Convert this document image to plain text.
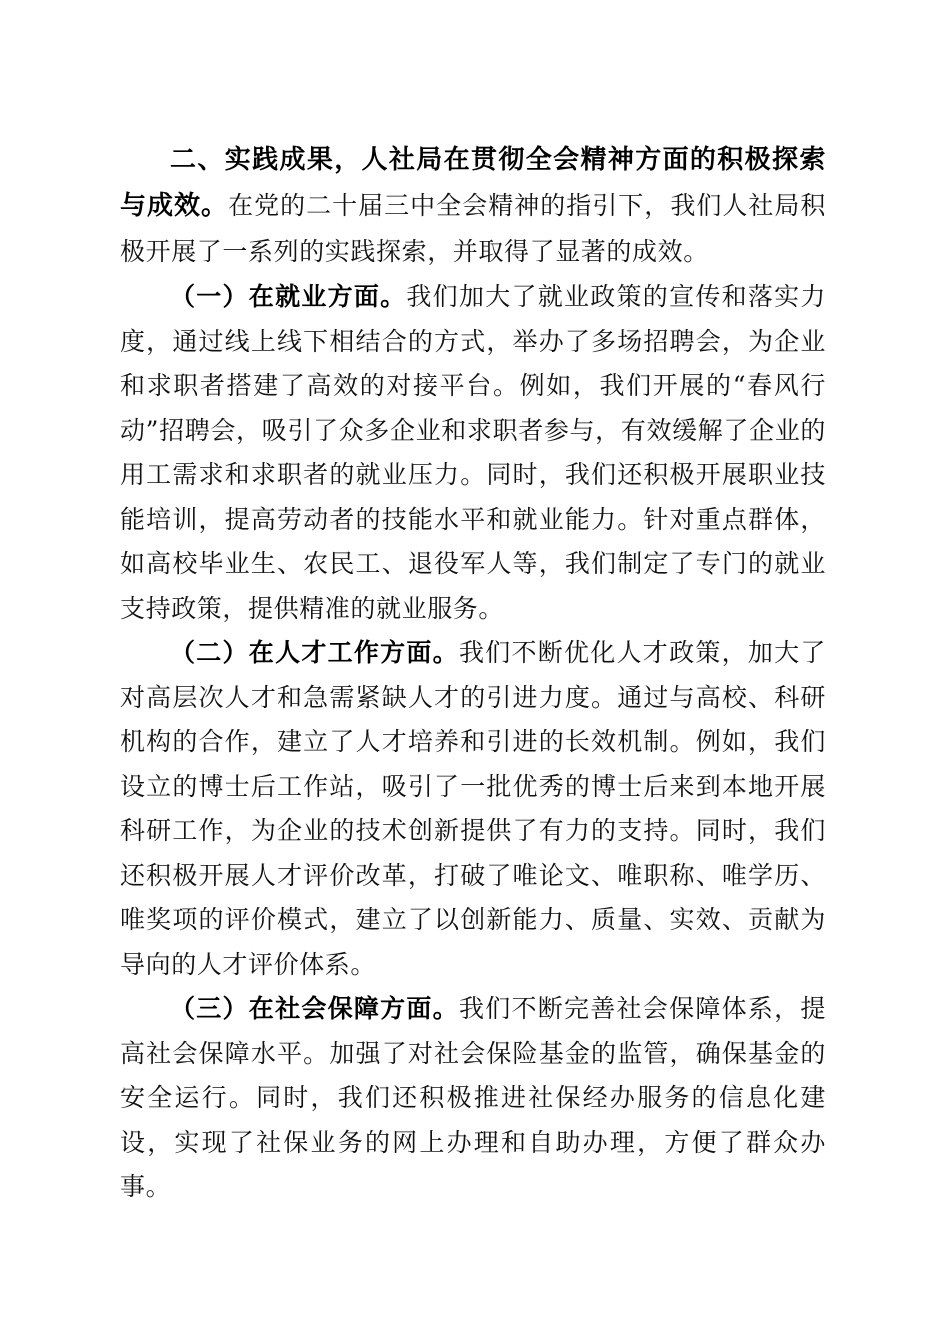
二、实践成果，人社局在贯彻全会精神方面的积极探索与成效。在党的二十届三中全会精神的指引下，我们人社局积极开展了一系列的实践探索，并取得了显著的成效。

（一）在就业方面。我们加大了就业政策的宣传和落实力度，通过线上线下相结合的方式，举办了多场招聘会，为企业和求职者搭建了高效的对接平台。例如，我们开展的“春风行动”招聘会，吸引了众多企业和求职者参与，有效缓解了企业的用工需求和求职者的就业压力。同时，我们还积极开展职业技能培训，提高劳动者的技能水平和就业能力。针对重点群体，如高校毕业生、农民工、退役军人等，我们制定了专门的就业支持政策，提供精准的就业服务。

（二）在人才工作方面。我们不断优化人才政策，加大了对高层次人才和急需紧缺人才的引进力度。通过与高校、科研机构的合作，建立了人才培养和引进的长效机制。例如，我们设立的博士后工作站，吸引了一批优秀的博士后来到本地开展科研工作，为企业的技术创新提供了有力的支持。同时，我们还积极开展人才评价改革，打破了唯论文、唯职称、唯学历、唯奖项的评价模式，建立了以创新能力、质量、实效、贡献为导向的人才评价体系。

（三）在社会保障方面。我们不断完善社会保障体系，提高社会保障水平。加强了对社会保险基金的监管，确保基金的安全运行。同时，我们还积极推进社保经办服务的信息化建设，实现了社保业务的网上办理和自助办理，方便了群众办事。
